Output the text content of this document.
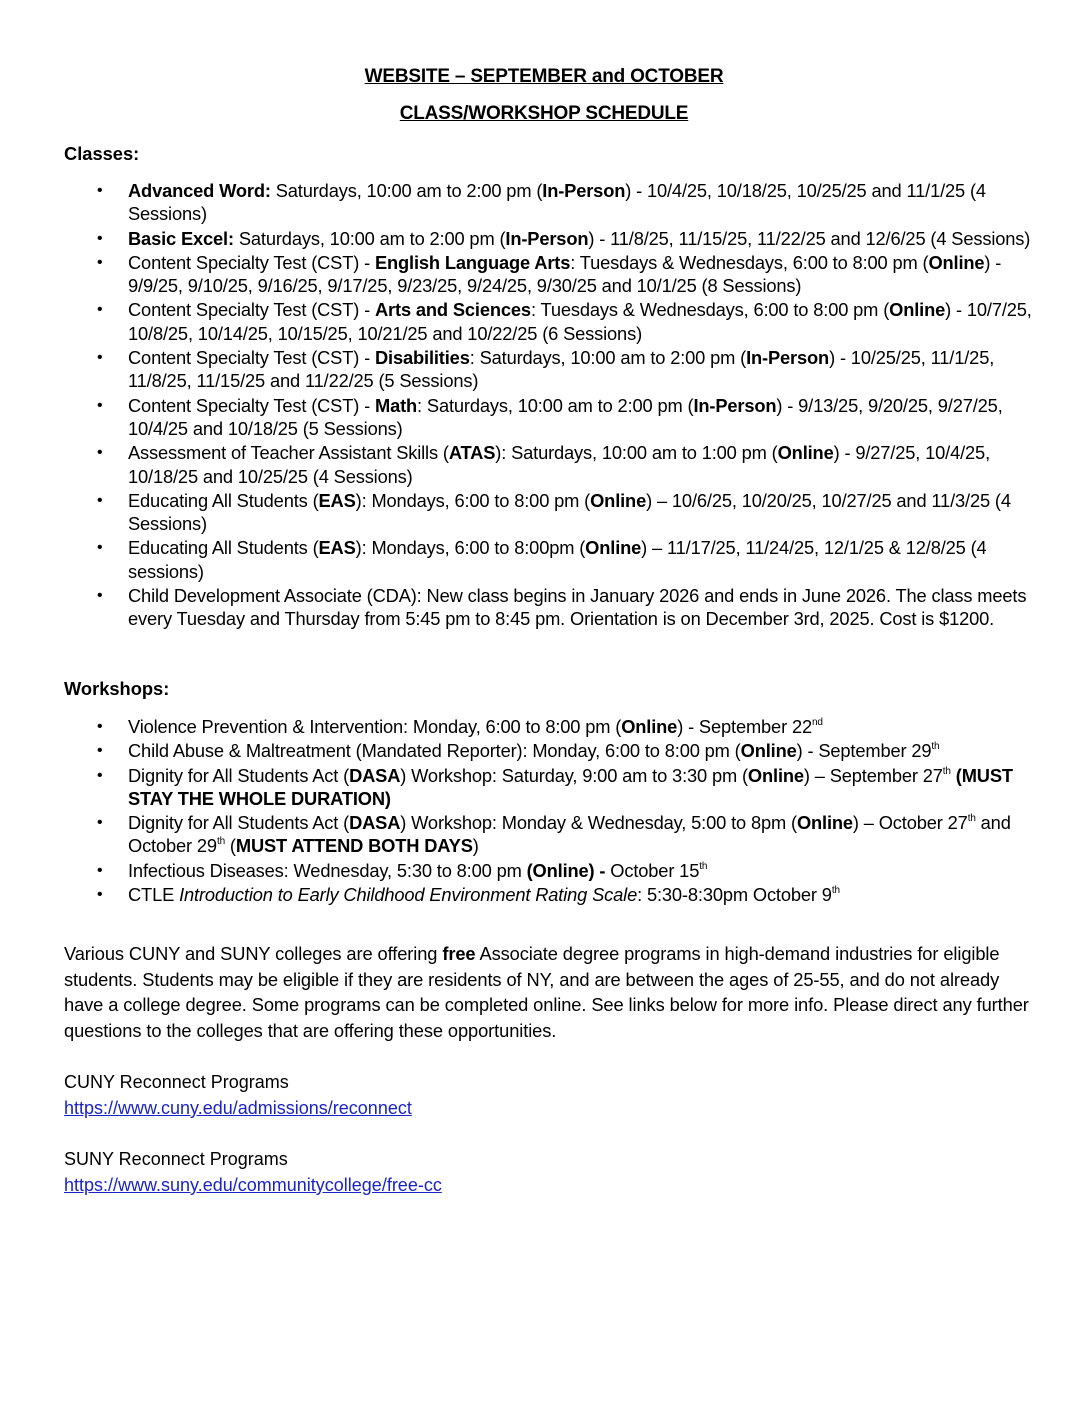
WEBSITE – SEPTEMBER and OCTOBER
CLASS/WORKSHOP SCHEDULE
Classes:
• Advanced Word: Saturdays, 10:00 am to 2:00 pm (In-Person) - 10/4/25, 10/18/25, 10/25/25 and 11/1/25 (4 Sessions)
• Basic Excel: Saturdays, 10:00 am to 2:00 pm (In-Person) - 11/8/25, 11/15/25, 11/22/25 and 12/6/25 (4 Sessions)
• Content Specialty Test (CST) - English Language Arts: Tuesdays & Wednesdays, 6:00 to 8:00 pm (Online) - 9/9/25, 9/10/25, 9/16/25, 9/17/25, 9/23/25, 9/24/25, 9/30/25 and 10/1/25 (8 Sessions)
• Content Specialty Test (CST) - Arts and Sciences: Tuesdays & Wednesdays, 6:00 to 8:00 pm (Online) - 10/7/25, 10/8/25, 10/14/25, 10/15/25, 10/21/25 and 10/22/25 (6 Sessions)
• Content Specialty Test (CST) - Disabilities: Saturdays, 10:00 am to 2:00 pm (In-Person) - 10/25/25, 11/1/25, 11/8/25, 11/15/25 and 11/22/25 (5 Sessions)
• Content Specialty Test (CST) - Math: Saturdays, 10:00 am to 2:00 pm (In-Person) - 9/13/25, 9/20/25, 9/27/25, 10/4/25 and 10/18/25 (5 Sessions)
• Assessment of Teacher Assistant Skills (ATAS): Saturdays, 10:00 am to 1:00 pm (Online) - 9/27/25, 10/4/25, 10/18/25 and 10/25/25 (4 Sessions)
• Educating All Students (EAS): Mondays, 6:00 to 8:00 pm (Online) – 10/6/25, 10/20/25, 10/27/25 and 11/3/25 (4 Sessions)
• Educating All Students (EAS): Mondays, 6:00 to 8:00pm (Online) – 11/17/25, 11/24/25, 12/1/25 & 12/8/25 (4 sessions)
• Child Development Associate (CDA): New class begins in January 2026 and ends in June 2026. The class meets every Tuesday and Thursday from 5:45 pm to 8:45 pm. Orientation is on December 3rd, 2025. Cost is $1200.
Workshops:
• Violence Prevention & Intervention: Monday, 6:00 to 8:00 pm (Online) - September 22nd
• Child Abuse & Maltreatment (Mandated Reporter): Monday, 6:00 to 8:00 pm (Online) - September 29th
• Dignity for All Students Act (DASA) Workshop: Saturday, 9:00 am to 3:30 pm (Online) – September 27th (MUST STAY THE WHOLE DURATION)
• Dignity for All Students Act (DASA) Workshop: Monday & Wednesday, 5:00 to 8pm (Online) – October 27th and October 29th (MUST ATTEND BOTH DAYS)
• Infectious Diseases: Wednesday, 5:30 to 8:00 pm (Online) - October 15th
• CTLE Introduction to Early Childhood Environment Rating Scale: 5:30-8:30pm October 9th

Various CUNY and SUNY colleges are offering free Associate degree programs in high-demand industries for eligible students. Students may be eligible if they are residents of NY, and are between the ages of 25-55, and do not already have a college degree. Some programs can be completed online. See links below for more info. Please direct any further questions to the colleges that are offering these opportunities.

CUNY Reconnect Programs

https://www.cuny.edu/admissions/reconnect

SUNY Reconnect Programs

https://www.suny.edu/communitycollege/free-cc
